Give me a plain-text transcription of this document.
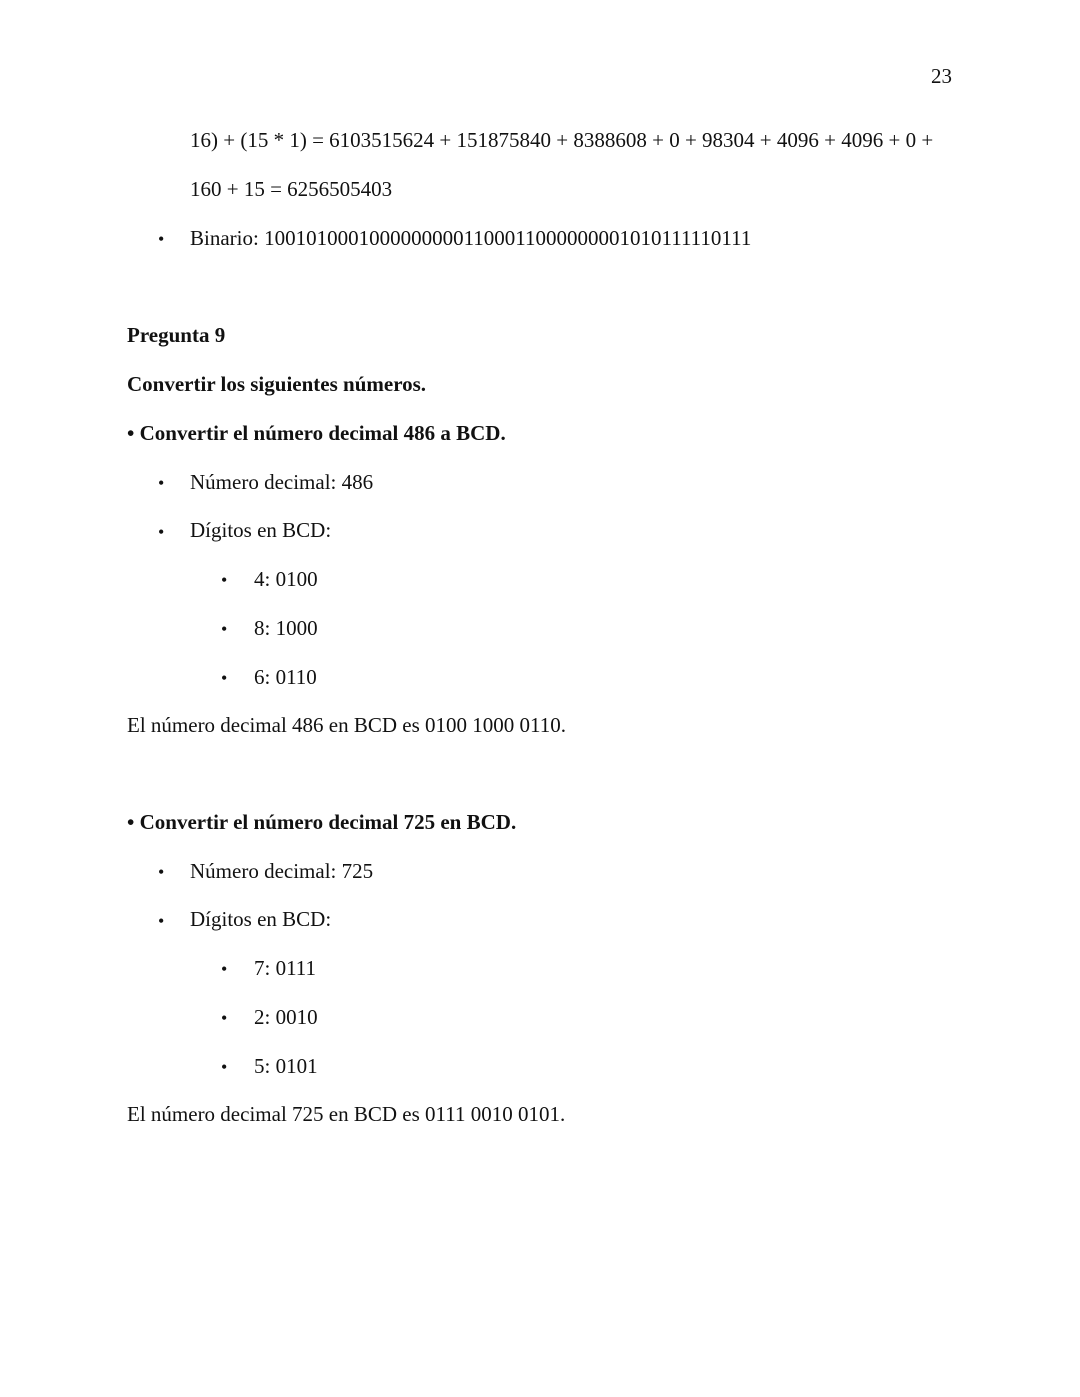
23
16) + (15 * 1) = 6103515624 + 151875840 + 8388608 + 0 + 98304 + 4096 + 4096 + 0 +
160 + 15 = 6256505403
• Binario: 10010100010000000001100011000000001010111110111
Pregunta 9
Convertir los siguientes números.
• Convertir el número decimal 486 a BCD.
• Número decimal: 486
• Dígitos en BCD:
• 4: 0100
• 8: 1000
• 6: 0110
El número decimal 486 en BCD es 0100 1000 0110.
• Convertir el número decimal 725 en BCD.
• Número decimal: 725
• Dígitos en BCD:
• 7: 0111
• 2: 0010
• 5: 0101
El número decimal 725 en BCD es 0111 0010 0101.
